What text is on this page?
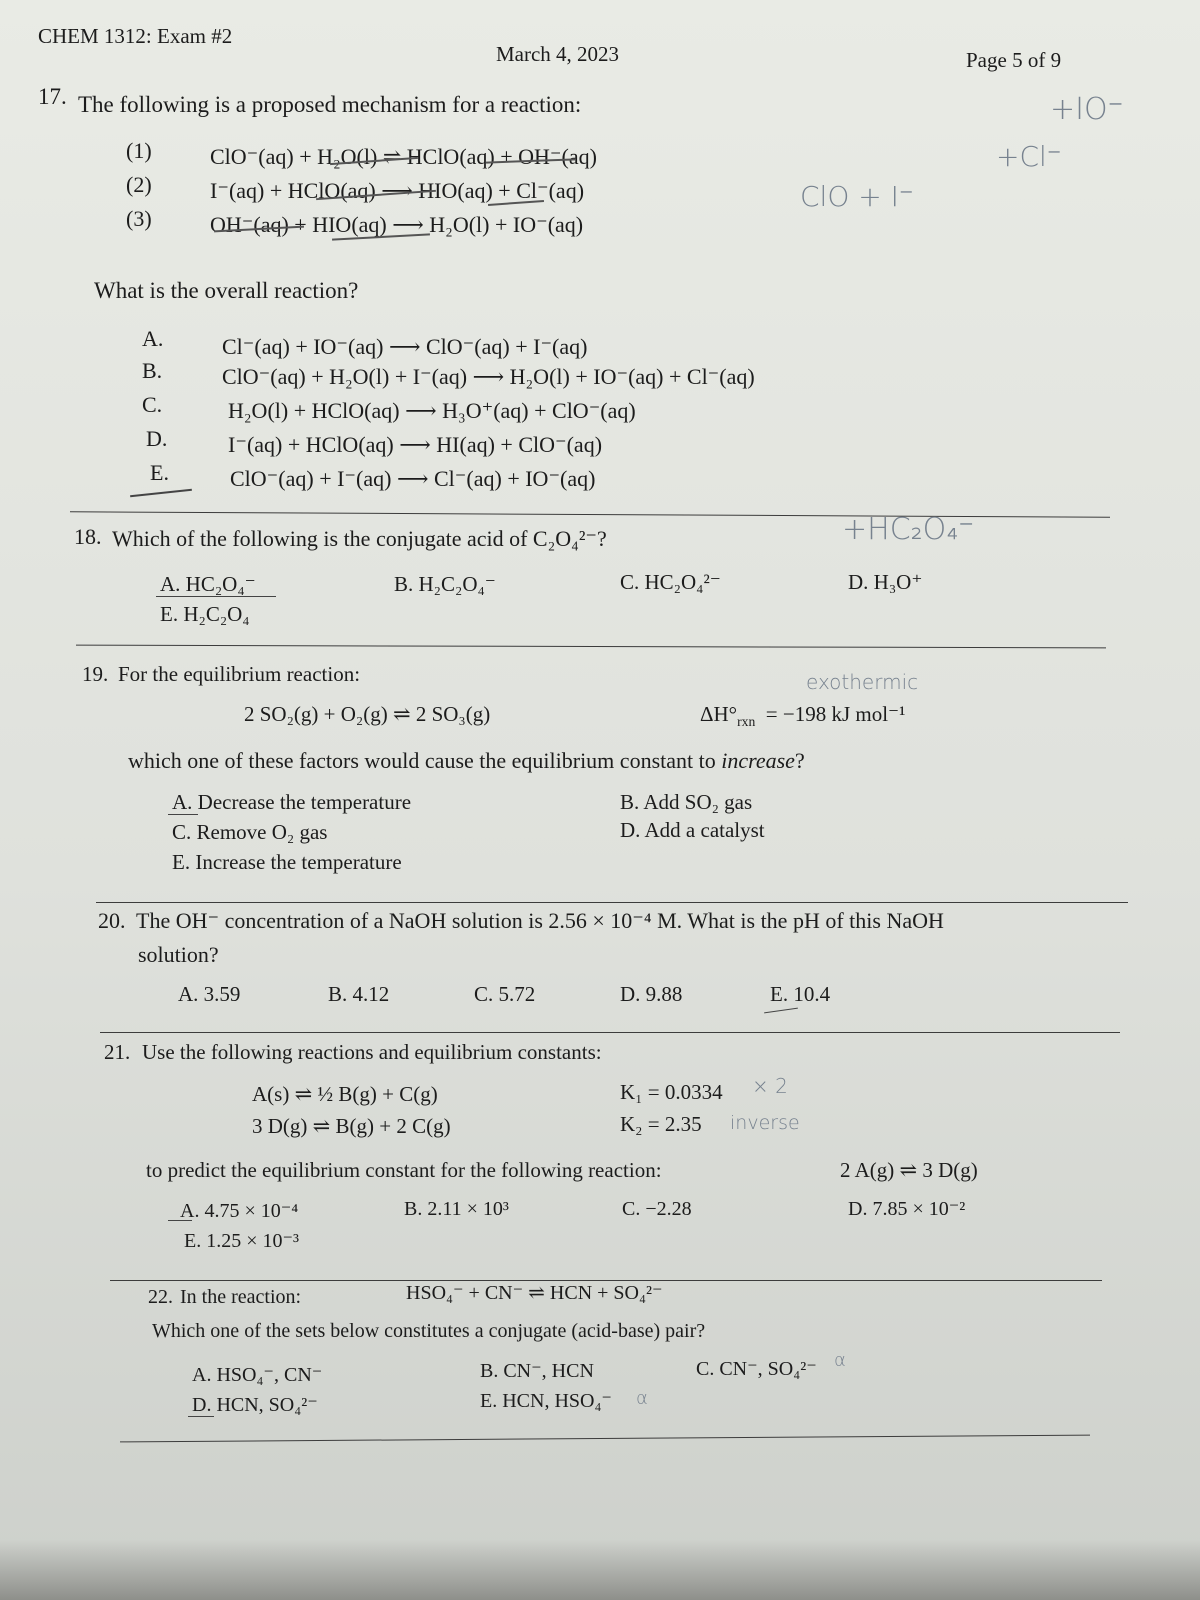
CHEM 1312: Exam #2
March 4, 2023	Page 5 of 9
17. The following is a proposed mechanism for a reaction:
(1)	ClO⁻(aq) + H₂O(l) ⇌ HClO(aq) + OH⁻(aq)
(2)	I⁻(aq) + HClO(aq) ⟶ HIO(aq) + Cl⁻(aq)
(3)	OH⁻(aq) + HIO(aq) ⟶ H₂O(l) + IO⁻(aq)
ClO + I⁻
+IO⁻
+Cl⁻
What is the overall reaction?
A.	Cl⁻(aq) + IO⁻(aq) ⟶ ClO⁻(aq) + I⁻(aq)
B.	ClO⁻(aq) + H₂O(l) + I⁻(aq) ⟶ H₂O(l) + IO⁻(aq) + Cl⁻(aq)
C.	H₂O(l) + HClO(aq) ⟶ H₃O⁺(aq) + ClO⁻(aq)
D.	I⁻(aq) + HClO(aq) ⟶ HI(aq) + ClO⁻(aq)
E.	ClO⁻(aq) + I⁻(aq) ⟶ Cl⁻(aq) + IO⁻(aq)
18. Which of the following is the conjugate acid of C₂O₄²⁻?	+HC₂O₄⁻
A. HC₂O₄⁻	B. H₂C₂O₄⁻	C. HC₂O₄²⁻	D. H₃O⁺
E. H₂C₂O₄
19. For the equilibrium reaction:	exothermic
2 SO₂(g) + O₂(g) ⇌ 2 SO₃(g)	$\Delta H^\circ_{rxn} = -198$ kJ mol⁻¹
which one of these factors would cause the equilibrium constant to increase?
A. Decrease the temperature	B. Add SO₂ gas
C. Remove O₂ gas	D. Add a catalyst
E. Increase the temperature
20. The OH⁻ concentration of a NaOH solution is 2.56 × 10⁻⁴ M. What is the pH of this NaOH
solution?
A. 3.59	B. 4.12	C. 5.72	D. 9.88	E. 10.4
21. Use the following reactions and equilibrium constants:
A(s) ⇌ ½ B(g) + C(g)	K₁ = 0.0334 × 2
3 D(g) ⇌ B(g) + 2 C(g)	K₂ = 2.35 inverse
to predict the equilibrium constant for the following reaction:	2 A(g) ⇌ 3 D(g)
A. 4.75 × 10⁻⁴	B. 2.11 × 10³	C. −2.28	D. 7.85 × 10⁻²
E. 1.25 × 10⁻³
22. In the reaction:	HSO₄⁻ + CN⁻ ⇌ HCN + SO₄²⁻
Which one of the sets below constitutes a conjugate (acid-base) pair?
A. HSO₄⁻, CN⁻	B. CN⁻, HCN	C. CN⁻, SO₄²⁻ α
D. HCN, SO₄²⁻	E. HCN, HSO₄⁻ α
